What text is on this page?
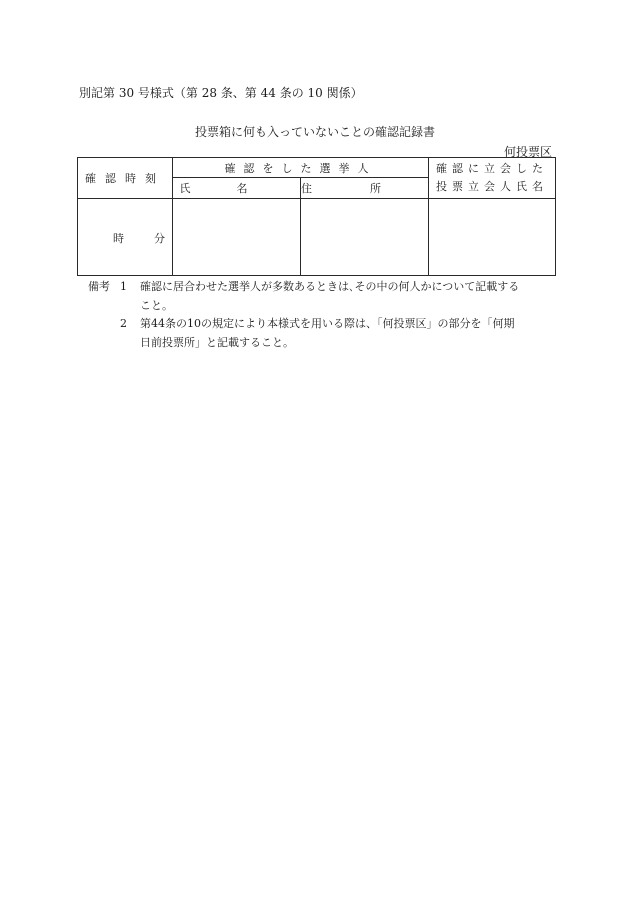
別記第 30 号様式（第 28 条、第 44 条の 10 関係）
投票箱に何も入っていないことの確認記録書
何投票区
確認時刻	確認をした選挙人		確認に立会した
投票立会人氏名

	氏名	住所	

時 分			

備考 1	確認に居合わせた選挙人が多数あるときは､その中の何人かについて記載する
こと。
2	第44条の10の規定により本様式を用いる際は、「何投票区」の部分を「何期
日前投票所」と記載すること。
